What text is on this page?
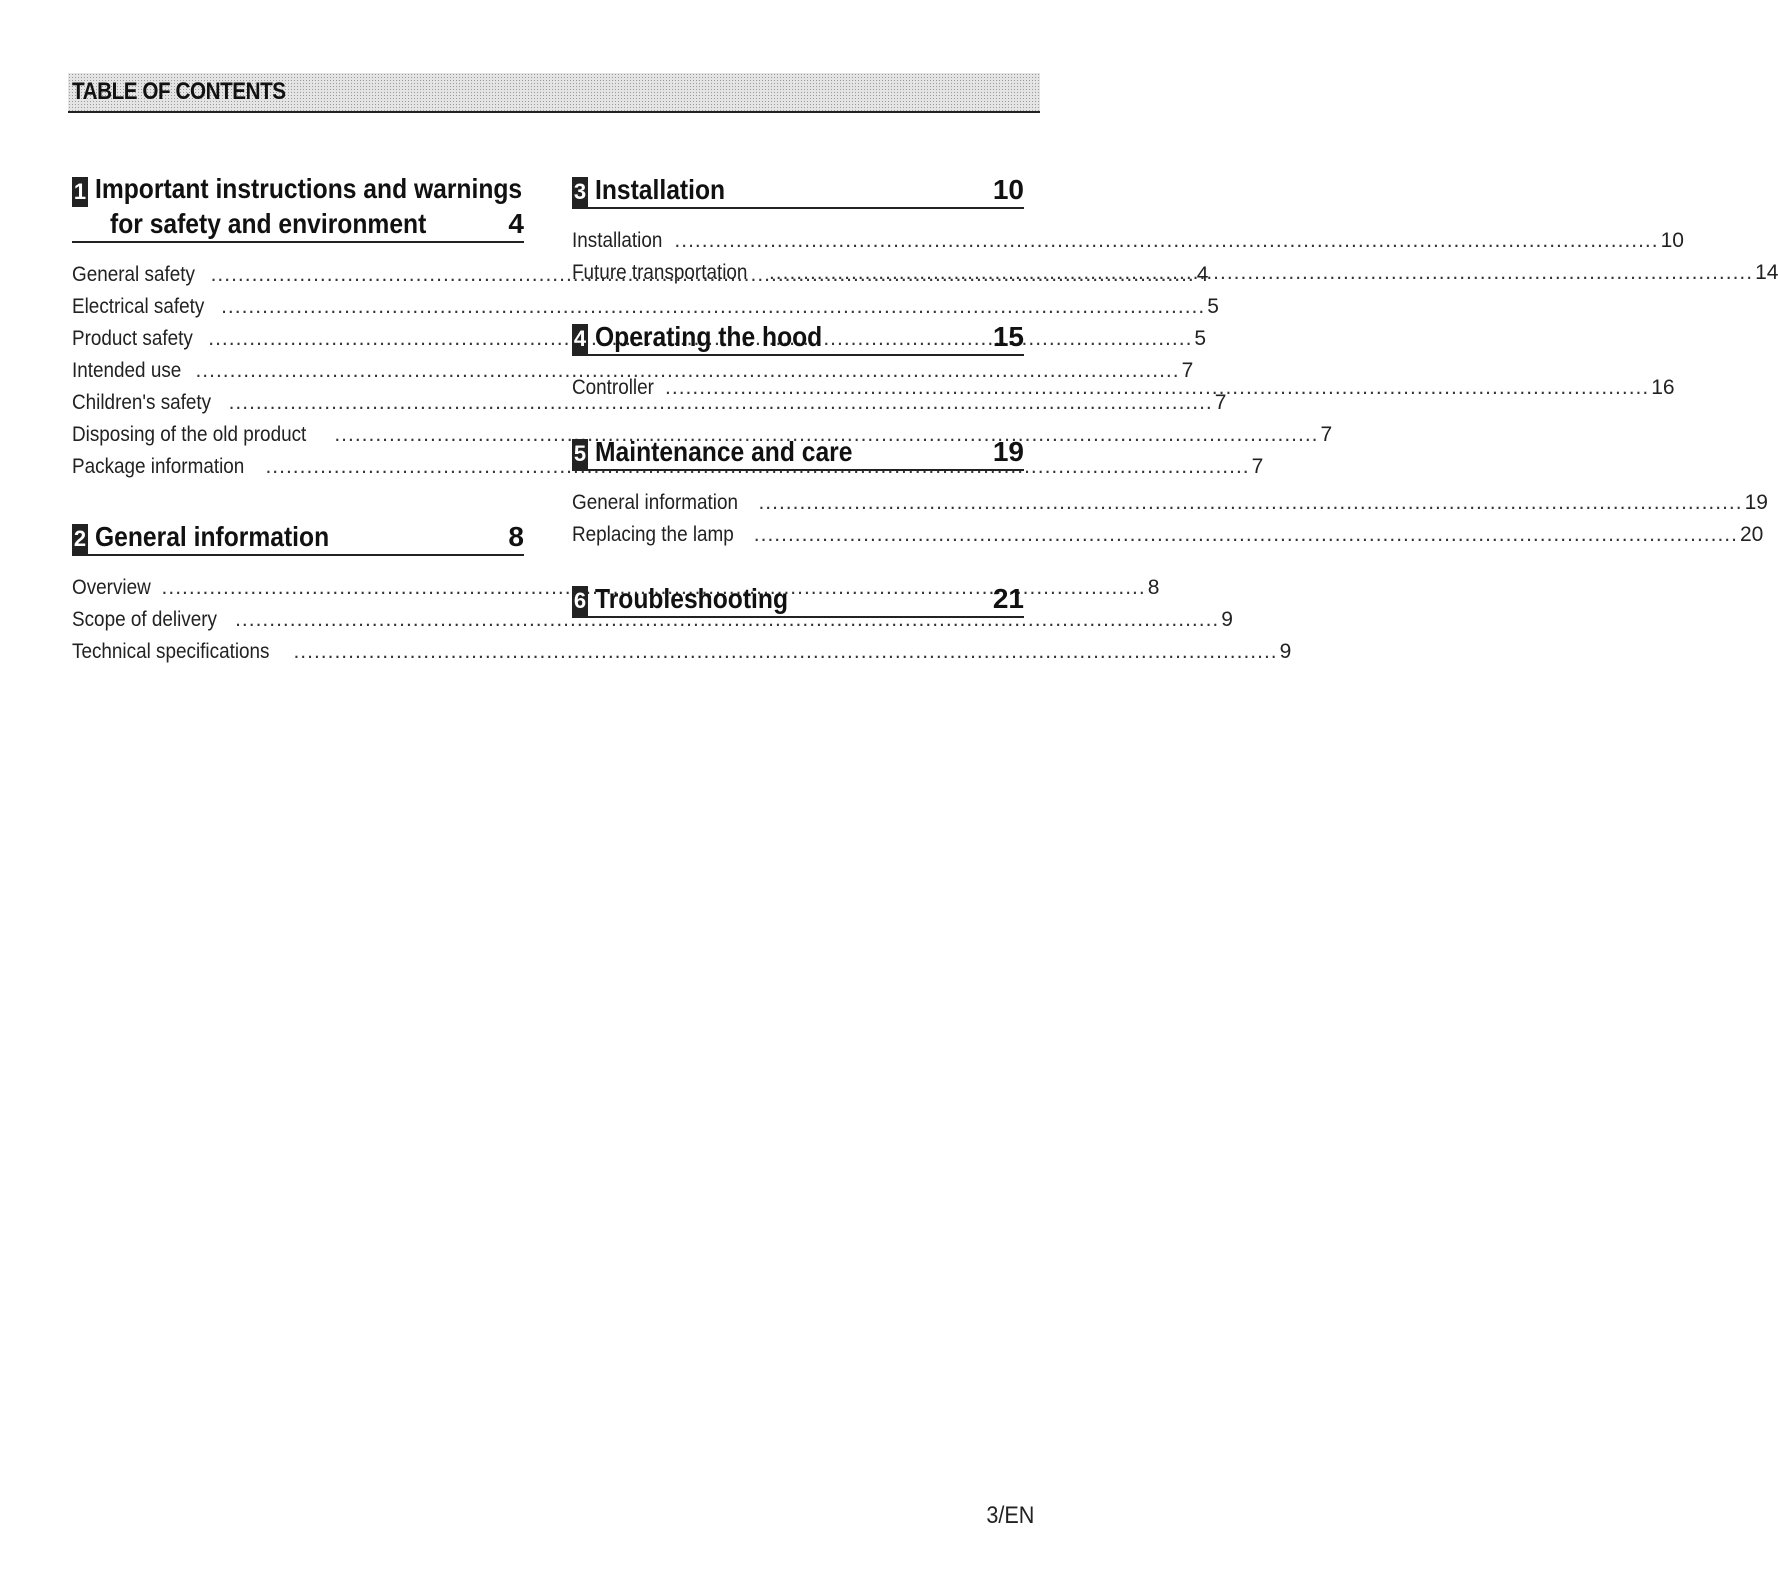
TABLE OF CONTENTS
1 Important instructions and warnings
for safety and environment	4
General safety .....	4
Electrical safety .....	5
Product safety .....	5
Intended use .....	7
Children's safety .....	7
Disposing of the old product .....	7
Package information .....	7
2 General information	8
Overview .....	8
Scope of delivery .....	9
Technical specifications .....	9
3 Installation	10
Installation .....	10
Future transportation .....	14
4 Operating the hood	15
Controller .....	16
5 Maintenance and care	19
General information .....	19
Replacing the lamp .....	20
6 Troubleshooting	21
3/EN
